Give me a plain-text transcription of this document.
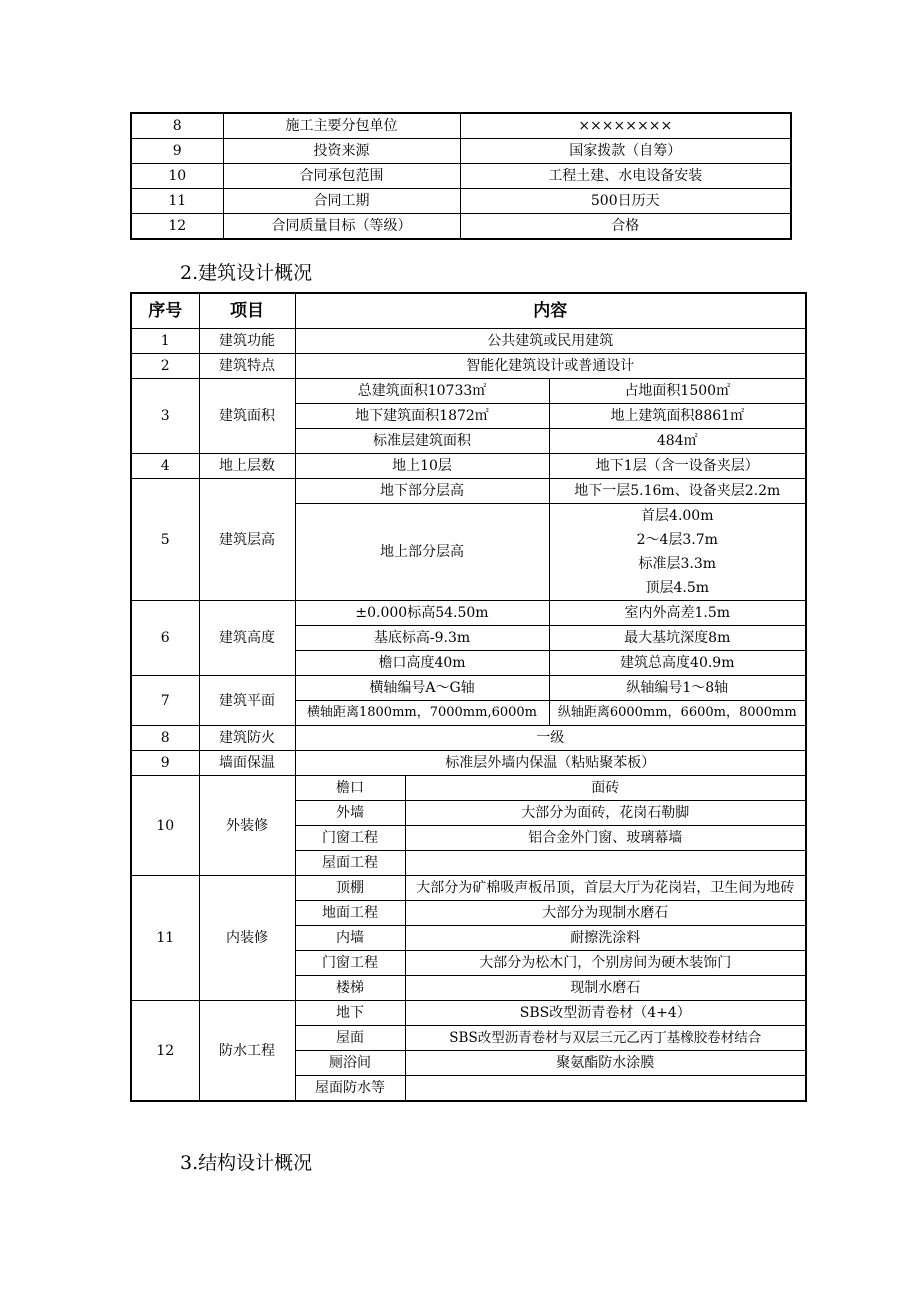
8	施工主要分包单位	××××××××
9	投资来源	国家拨款（自筹）
10	合同承包范围	工程土建、水电设备安装
11	合同工期	500日历天
12	合同质量目标（等级）	合格
2.建筑设计概况
序号	项目	内容		
1	建筑功能	公共建筑或民用建筑		
2	建筑特点	智能化建筑设计或普通设计		
3	建筑面积	总建筑面积10733㎡		占地面积1500㎡
		地下建筑面积1872㎡		地上建筑面积8861㎡
		标准层建筑面积		484㎡
4	地上层数	地上10层		地下1层（含一设备夹层）
5	建筑层高	地下部分层高		地下一层5.16m、设备夹层2.2m
		地上部分层高		首层4.00m
2～4层3.7m
标准层3.3m
顶层4.5m

6	建筑高度	±0.000标高54.50m		室内外高差1.5m
		基底标高-9.3m		最大基坑深度8m
		檐口高度40m		建筑总高度40.9m
7	建筑平面	横轴编号A～G轴		纵轴编号1～8轴
		横轴距离1800mm，7000mm,6000m		纵轴距离6000mm，6600m，8000mm
8	建筑防火	一级		
9	墙面保温	标准层外墙内保温（粘贴聚苯板）		
10	外装修	檐口	面砖	
		外墙	大部分为面砖，花岗石勒脚	
		门窗工程	铝合金外门窗、玻璃幕墙	
		屋面工程		
11	内装修	顶棚	大部分为矿棉吸声板吊顶，首层大厅为花岗岩，卫生间为地砖	
		地面工程	大部分为现制水磨石	
		内墙	耐擦洗涂料	
		门窗工程	大部分为松木门，个别房间为硬木装饰门	
		楼梯	现制水磨石	
12	防水工程	地下	SBS改型沥青卷材（4+4）	
		屋面	SBS改型沥青卷材与双层三元乙丙丁基橡胶卷材结合	
		厕浴间	聚氨酯防水涂膜	
		屋面防水等		
3.结构设计概况
